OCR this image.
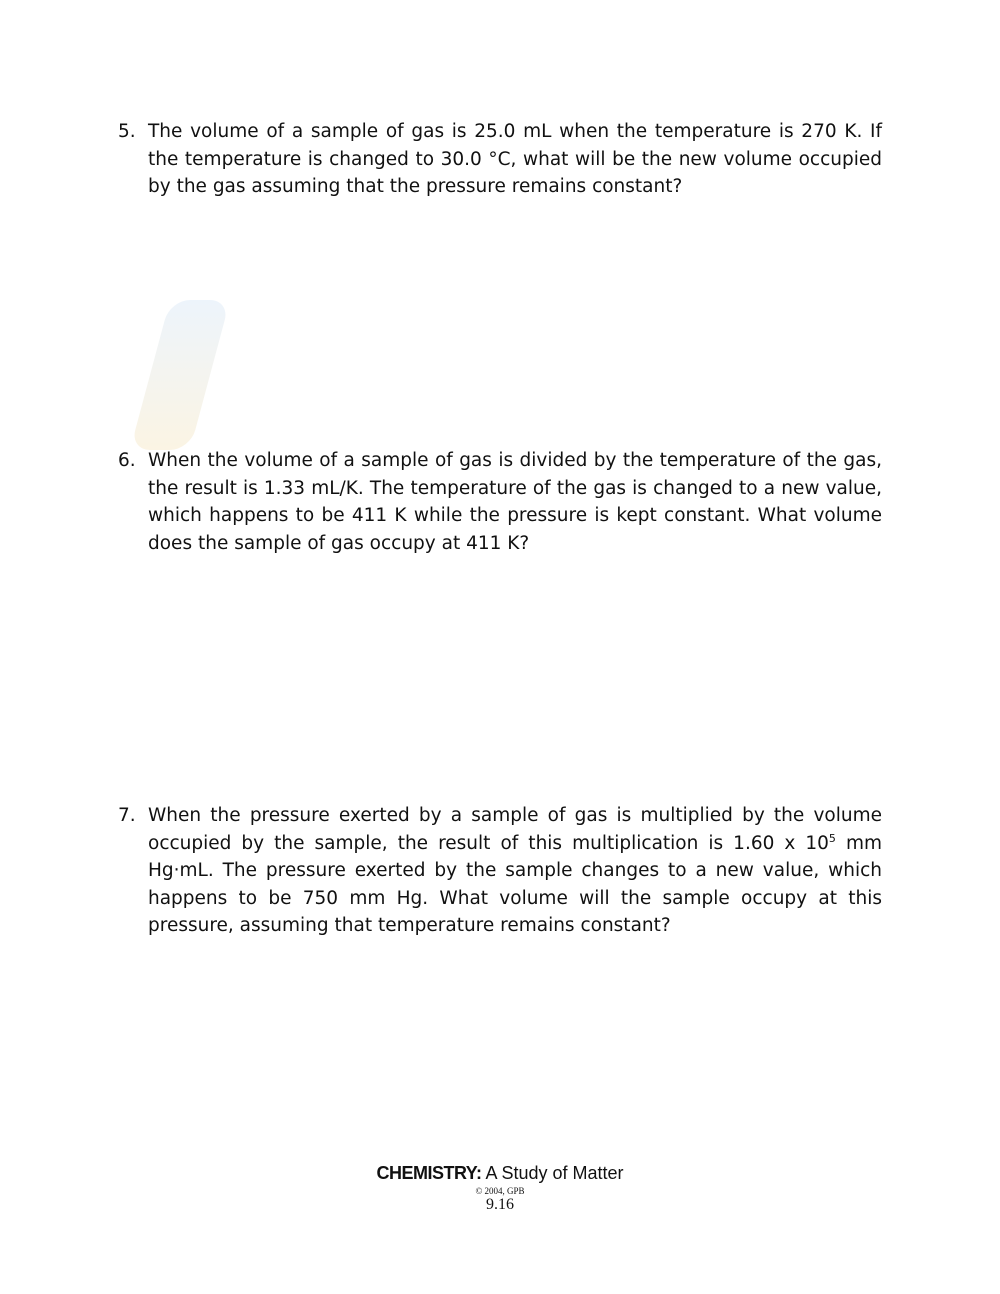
5. The volume of a sample of gas is 25.0 mL when the temperature is 270 K. If the temperature is changed to 30.0 °C, what will be the new volume occupied by the gas assuming that the pressure remains constant?
6. When the volume of a sample of gas is divided by the temperature of the gas, the result is 1.33 mL/K. The temperature of the gas is changed to a new value, which happens to be 411 K while the pressure is kept constant. What volume does the sample of gas occupy at 411 K?
7. When the pressure exerted by a sample of gas is multiplied by the volume occupied by the sample, the result of this multiplication is 1.60 x $10^5$ mm Hg·mL. The pressure exerted by the sample changes to a new value, which happens to be 750 mm Hg. What volume will the sample occupy at this pressure, assuming that temperature remains constant?
CHEMISTRY: A Study of Matter
© 2004, GPB
9.16
